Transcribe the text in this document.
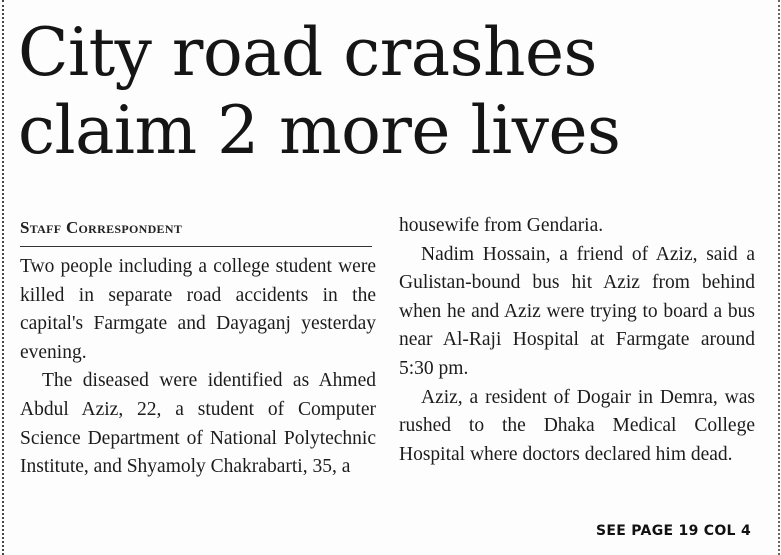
City road crashes
claim 2 more lives
Staff Correspondent

Two people including a college student were killed in separate road accidents in the capital's Farmgate and Dayaganj yesterday evening.

The diseased were identified as Ahmed Abdul Aziz, 22, a student of Computer Science Department of National Polytechnic Institute, and Shyamoly Chakrabarti, 35, a

housewife from Gendaria.

Nadim Hossain, a friend of Aziz, said a Gulistan-bound bus hit Aziz from behind when he and Aziz were trying to board a bus near Al-Raji Hospital at Farmgate around 5:30 pm.

Aziz, a resident of Dogair in Demra, was rushed to the Dhaka Medical College Hospital where doctors declared him dead.

SEE PAGE 19 COL 4
